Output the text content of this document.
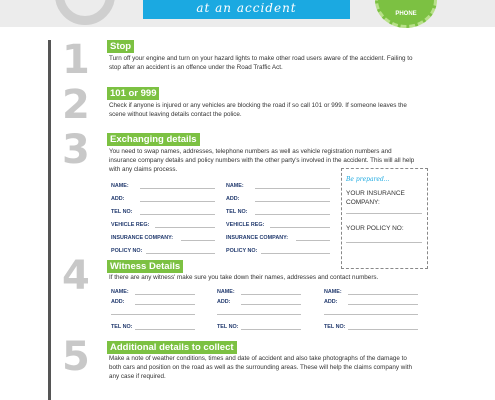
at an accident	PHONE
1	Stop
Turn off your engine and turn on your hazard lights to make other road users aware of the accident. Failing to stop after an accident is an offence under the Road Traffic Act.
2	101 or 999
Check if anyone is injured or any vehicles are blocking the road if so call 101 or 999. If someone leaves the scene without leaving details contact the police.
3	Exchanging details
You need to swap names, addresses, telephone numbers as well as vehicle registration numbers and insurance company details and policy numbers with the other party's involved in the accident. This will all help with any claims process.
NAME:
ADD:
TEL NO:
VEHICLE REG:
INSURANCE COMPANY:
POLICY NO:
NAME:
ADD:
TEL NO:
VEHICLE REG:
INSURANCE COMPANY:
POLICY NO:
Be prepared...
YOUR INSURANCE COMPANY:
YOUR POLICY NO:
4	Witness Details
If there are any witness' make sure you take down their names, addresses and contact numbers.
NAME:
ADD:
TEL NO:
NAME:
ADD:
TEL NO:
NAME:
ADD:
TEL NO:
5	Additional details to collect
Make a note of weather conditions, times and date of accident and also take photographs of the damage to both cars and position on the road as well as the surrounding areas. These will help the claims company with any case if required.
